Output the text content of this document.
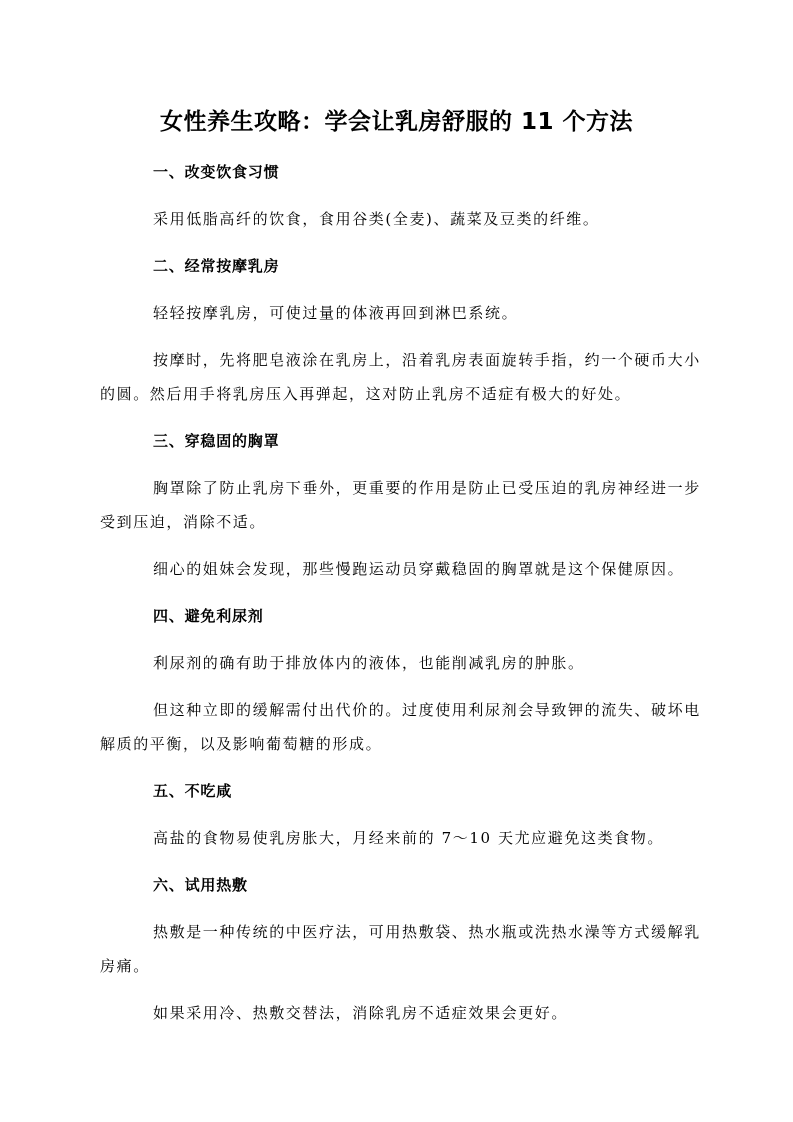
女性养生攻略：学会让乳房舒服的 11 个方法
一、改变饮食习惯
采用低脂高纤的饮食，食用谷类(全麦)、蔬菜及豆类的纤维。
二、经常按摩乳房
轻轻按摩乳房，可使过量的体液再回到淋巴系统。
按摩时，先将肥皂液涂在乳房上，沿着乳房表面旋转手指，约一个硬币大小
的圆。然后用手将乳房压入再弹起，这对防止乳房不适症有极大的好处。
三、穿稳固的胸罩
胸罩除了防止乳房下垂外，更重要的作用是防止已受压迫的乳房神经进一步
受到压迫，消除不适。
细心的姐妹会发现，那些慢跑运动员穿戴稳固的胸罩就是这个保健原因。
四、避免利尿剂
利尿剂的确有助于排放体内的液体，也能削减乳房的肿胀。
但这种立即的缓解需付出代价的。过度使用利尿剂会导致钾的流失、破坏电
解质的平衡，以及影响葡萄糖的形成。
五、不吃咸
高盐的食物易使乳房胀大，月经来前的 7～10 天尤应避免这类食物。
六、试用热敷
热敷是一种传统的中医疗法，可用热敷袋、热水瓶或洗热水澡等方式缓解乳
房痛。
如果采用冷、热敷交替法，消除乳房不适症效果会更好。
